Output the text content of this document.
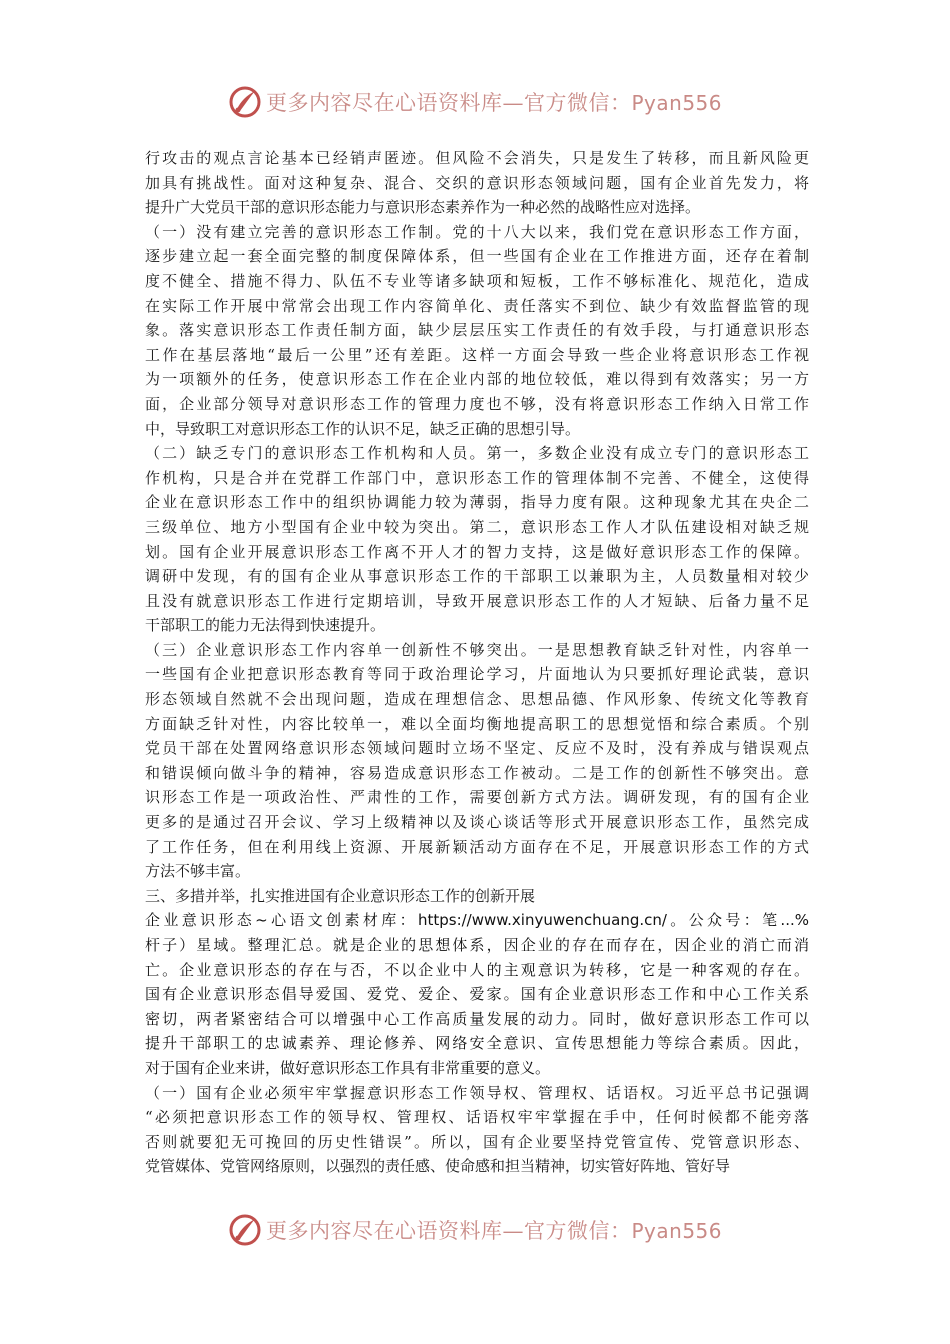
更多内容尽在心语资料库—官方微信：Pyan556
行攻击的观点言论基本已经销声匿迹。但风险不会消失，只是发生了转移，而且新风险更
加具有挑战性。面对这种复杂、混合、交织的意识形态领域问题，国有企业首先发力，将
提升广大党员干部的意识形态能力与意识形态素养作为一种必然的战略性应对选择。
（一）没有建立完善的意识形态工作制。党的十八大以来，我们党在意识形态工作方面，
逐步建立起一套全面完整的制度保障体系，但一些国有企业在工作推进方面，还存在着制
度不健全、措施不得力、队伍不专业等诸多缺项和短板，工作不够标准化、规范化，造成
在实际工作开展中常常会出现工作内容简单化、责任落实不到位、缺少有效监督监管的现
象。落实意识形态工作责任制方面，缺少层层压实工作责任的有效手段，与打通意识形态
工作在基层落地“最后一公里”还有差距。这样一方面会导致一些企业将意识形态工作视
为一项额外的任务，使意识形态工作在企业内部的地位较低，难以得到有效落实；另一方
面，企业部分领导对意识形态工作的管理力度也不够，没有将意识形态工作纳入日常工作
中，导致职工对意识形态工作的认识不足，缺乏正确的思想引导。
（二）缺乏专门的意识形态工作机构和人员。第一，多数企业没有成立专门的意识形态工
作机构，只是合并在党群工作部门中，意识形态工作的管理体制不完善、不健全，这使得
企业在意识形态工作中的组织协调能力较为薄弱，指导力度有限。这种现象尤其在央企二
三级单位、地方小型国有企业中较为突出。第二，意识形态工作人才队伍建设相对缺乏规
划。国有企业开展意识形态工作离不开人才的智力支持，这是做好意识形态工作的保障。
调研中发现，有的国有企业从事意识形态工作的干部职工以兼职为主，人员数量相对较少
且没有就意识形态工作进行定期培训，导致开展意识形态工作的人才短缺、后备力量不足
干部职工的能力无法得到快速提升。
（三）企业意识形态工作内容单一创新性不够突出。一是思想教育缺乏针对性，内容单一
一些国有企业把意识形态教育等同于政治理论学习，片面地认为只要抓好理论武装，意识
形态领域自然就不会出现问题，造成在理想信念、思想品德、作风形象、传统文化等教育
方面缺乏针对性，内容比较单一，难以全面均衡地提高职工的思想觉悟和综合素质。个别
党员干部在处置网络意识形态领域问题时立场不坚定、反应不及时，没有养成与错误观点
和错误倾向做斗争的精神，容易造成意识形态工作被动。二是工作的创新性不够突出。意
识形态工作是一项政治性、严肃性的工作，需要创新方式方法。调研发现，有的国有企业
更多的是通过召开会议、学习上级精神以及谈心谈话等形式开展意识形态工作，虽然完成
了工作任务，但在利用线上资源、开展新颖活动方面存在不足，开展意识形态工作的方式
方法不够丰富。
三、多措并举，扎实推进国有企业意识形态工作的创新开展
企业意识形态~心语文创素材库：https://www.xinyuwenchuang.cn/。公众号：笔...%
杆子）星域。整理汇总。就是企业的思想体系，因企业的存在而存在，因企业的消亡而消
亡。企业意识形态的存在与否，不以企业中人的主观意识为转移，它是一种客观的存在。
国有企业意识形态倡导爱国、爱党、爱企、爱家。国有企业意识形态工作和中心工作关系
密切，两者紧密结合可以增强中心工作高质量发展的动力。同时，做好意识形态工作可以
提升干部职工的忠诚素养、理论修养、网络安全意识、宣传思想能力等综合素质。因此，
对于国有企业来讲，做好意识形态工作具有非常重要的意义。
（一）国有企业必须牢牢掌握意识形态工作领导权、管理权、话语权。习近平总书记强调
“必须把意识形态工作的领导权、管理权、话语权牢牢掌握在手中，任何时候都不能旁落
否则就要犯无可挽回的历史性错误”。所以，国有企业要坚持党管宣传、党管意识形态、
党管媒体、党管网络原则，以强烈的责任感、使命感和担当精神，切实管好阵地、管好导
更多内容尽在心语资料库—官方微信：Pyan556
